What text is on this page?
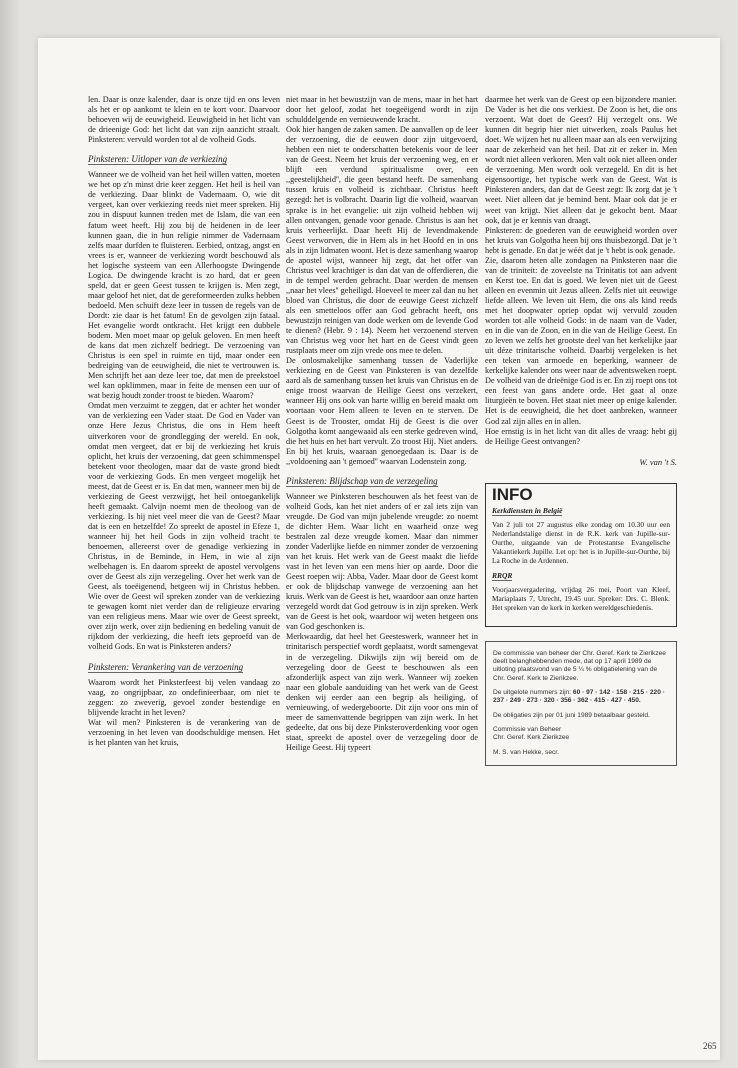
len. Daar is onze kalender, daar is onze tijd en ons leven als het er op aankomt te klein en te kort voor. Daarvoor behoeven wij de eeuwigheid. Eeuwigheid in het licht van de drieenige God: het licht dat van zijn aanzicht straalt. Pinksteren: vervuld worden tot al de volheid Gods.

Pinksteren: Uitloper van de verkiezing

Wanneer we de volheid van het heil willen vatten, moeten we het op z'n minst drie keer zeggen. Het heil is heil van de verkiezing. Daar blinkt de Vadernaam. O, wie dit vergeet, kan over verkiezing reeds niet meer spreken. Hij zou in dispuut kunnen treden met de Islam, die van een fatum weet heeft. Hij zou bij de heidenen in de leer kunnen gaan, die in hun religie nimmer de Vadernaam zelfs maar durfden te fluisteren. Eerbied, ontzag, angst en vrees is er, wanneer de verkiezing wordt beschouwd als het logische systeem van een Allerhoogste Dwingende Logica. De dwingende kracht is zo hard, dat er geen speld, dat er geen Geest tussen te krijgen is. Men zegt, maar geloof het niet, dat de gereformeerden zulks hebben bedoeld. Men schuift deze leer in tussen de regels van de Dordt: zie daar is het fatum! En de gevolgen zijn fataal. Het evangelie wordt ontkracht. Het krijgt een dubbele bodem. Men moet maar op geluk geloven. En men heeft de kans dat men zichzelf bedriegt. De verzoening van Christus is een spel in ruimte en tijd, maar onder een bedreiging van de eeuwigheid, die niet te vertrouwen is. Men schrijft het aan deze leer toe, dat men de preekstoel wel kan opklimmen, maar in feite de mensen een uur of wat bezig houdt zonder troost te bieden. Waarom?

Omdat men verzuimt te zeggen, dat er achter het wonder van de verkiezing een Vader staat. De God en Vader van onze Here Jezus Christus, die ons in Hem heeft uitverkoren voor de grondlegging der wereld. En ook, omdat men vergeet, dat er bij de verkiezing het kruis oplicht, het kruis der verzoening, dat geen schimmenspel betekent voor theologen, maar dat de vaste grond biedt voor de verkiezing Gods. En men vergeet mogelijk het meest, dat de Geest er is. En dat men, wanneer men bij de verkiezing de Geest verzwijgt, het heil ontoegankelijk heeft gemaakt. Calvijn noemt men de theoloog van de verkiezing. Is hij niet veel meer die van de Geest? Maar dat is een en hetzelfde! Zo spreekt de apostel in Efeze 1, wanneer hij het heil Gods in zijn volheid tracht te benoemen, allereerst over de genadige verkiezing in Christus, in de Beminde, in Hem, in wie al zijn welbehagen is. En daarom spreekt de apostel vervolgens over de Geest als zijn verzegeling. Over het werk van de Geest, als toeëigenend, hetgeen wij in Christus hebben. Wie over de Geest wil spreken zonder van de verkiezing te gewagen komt niet verder dan de religieuze ervaring van een religieus mens. Maar wie over de Geest spreekt, over zijn werk, over zijn bediening en bedeling vanuit de rijkdom der verkiezing, die heeft iets geproefd van de volheid Gods. En wat is Pinksteren anders?

Pinksteren: Verankering van de verzoening

Waarom wordt het Pinksterfeest bij velen vandaag zo vaag, zo ongrijpbaar, zo ondefinieerbaar, om niet te zeggen: zo zweverig, gevoel zonder bestendige en blijvende kracht in het leven?

Wat wil men? Pinksteren is de verankering van de verzoening in het leven van doodschuldige mensen. Het is het planten van het kruis,

niet maar in het bewustzijn van de mens, maar in het hart door het geloof, zodat het toegeëigend wordt in zijn schulddelgende en vernieuwende kracht.

Ook hier hangen de zaken samen. De aanvallen op de leer der verzoening, die de eeuwen door zijn uitgevoerd, hebben een niet te onderschatten betekenis voor de leer van de Geest. Neem het kruis der verzoening weg, en er blijft een verdund spiritualisme over, een ,,geestelijkheid'', die geen bestand heeft. De samenhang tussen kruis en volheid is zichtbaar. Christus heeft gezegd: het is volbracht. Daarin ligt die volheid, waarvan sprake is in het evangelie: uit zijn volheid hebben wij allen ontvangen, genade voor genade. Christus is aan het kruis verheerlijkt. Daar heeft Hij de levendmakende Geest verworven, die in Hem als in het Hoofd en in ons als in zijn lidmaten woont. Het is deze samenhang waarop de apostel wijst, wanneer hij zegt, dat het offer van Christus veel krachtiger is dan dat van de offerdieren, die in de tempel werden gebracht. Daar werden de mensen ,,naar het vlees'' geheiligd. Hoeveel te meer zal dan nu het bloed van Christus, die door de eeuwige Geest zichzelf als een smetteloos offer aan God gebracht heeft, ons bewustzijn reinigen van dode werken om de levende God te dienen? (Hebr. 9 : 14). Neem het verzoenend sterven van Christus weg voor het hart en de Geest vindt geen rustplaats meer om zijn vrede ons mee te delen.

De onlosmakelijke samenhang tussen de Vaderlijke verkiezing en de Geest van Pinksteren is van dezelfde aard als de samenhang tussen het kruis van Christus en de enige troost waarvan de Heilige Geest ons verzekert, wanneer Hij ons ook van harte willig en bereid maakt om voortaan voor Hem alleen te leven en te sterven. De Geest is de Trooster, omdat Hij de Geest is die over Golgotha komt aangewaaid als een sterke gedreven wind, die het huis en het hart vervult. Zo troost Hij. Niet anders. En bij het kruis, waaraan genoegedaan is. Daar is de ,,voldoening aan 't gemoed'' waarvan Lodenstein zong.

Pinksteren: Blijdschap van de verzegeling

Wanneer we Pinksteren beschouwen als het feest van de volheid Gods, kan het niet anders of er zal iets zijn van vreugde. De God van mijn jubelende vreugde: zo noemt de dichter Hem. Waar licht en waarheid onze weg bestralen zal deze vreugde komen. Maar dan nimmer zonder Vaderlijke liefde en nimmer zonder de verzoening van het kruis. Het werk van de Geest maakt die liefde vast in het leven van een mens hier op aarde. Door die Geest roepen wij: Abba, Vader. Maar door de Geest komt er ook de blijdschap vanwege de verzoening aan het kruis. Werk van de Geest is het, waardoor aan onze harten verzegeld wordt dat God getrouw is in zijn spreken. Werk van de Geest is het ook, waardoor wij weten hetgeen ons van God geschonken is.

Merkwaardig, dat heel het Geesteswerk, wanneer het in trinitarisch perspectief wordt geplaatst, wordt samengevat in de verzegeling. Dikwijls zijn wij bereid om de verzegeling door de Geest te beschouwen als een afzonderlijk aspect van zijn werk. Wanneer wij zoeken naar een globale aanduiding van het werk van de Geest denken wij eerder aan een begrip als heiliging, of vernieuwing, of wedergeboorte. Dit zijn voor ons min of meer de samenvattende begrippen van zijn werk. In het gedeelte, dat ons bij deze Pinksteroverdenking voor ogen staat, spreekt de apostel over de verzegeling door de Heilige Geest. Hij typeert

daarmee het werk van de Geest op een bijzondere manier. De Vader is het die ons verkiest. De Zoon is het, die ons verzoent. Wat doet de Geest? Hij verzegelt ons. We kunnen dit begrip hier niet uitwerken, zoals Paulus het doet. We wijzen het nu alleen maar aan als een verwijzing naar de zekerheid van het heil. Dat zit er zeker in. Men wordt niet alleen verkoren. Men valt ook niet alleen onder de verzoening. Men wordt ook verzegeld. En dit is het eigensoortige, het typische werk van de Geest. Wat is Pinksteren anders, dan dat de Geest zegt: Ik zorg dat je 't weet. Niet alleen dat je bemind bent. Maar ook dat je er weet van krijgt. Niet alleen dat je gekocht bent. Maar ook, dat je er kennis van draagt.

Pinksteren: de goederen van de eeuwigheid worden over het kruis van Golgotha heen bij ons thuisbezorgd. Dat je 't hebt is genade. En dat je wéét dat je 't hebt is ook genade.

Zie, daarom heten alle zondagen na Pinksteren naar die van de triniteit: de zoveelste na Trinitatis tot aan advent en Kerst toe. En dat is goed. We leven niet uit de Geest alleen en evenmin uit Jezus alleen. Zelfs niet uit eeuwige liefde alleen. We leven uit Hem, die ons als kind reeds met het doopwater opriep opdat wij vervuld zouden worden tot alle volheid Gods: in de naam van de Vader, en in die van de Zoon, en in die van de Heilige Geest. En zo leven we zelfs het grootste deel van het kerkelijke jaar uit déze trinitarische volheid. Daarbij vergeleken is het een teken van armoede en beperking, wanneer de kerkelijke kalender ons weer naar de adventsweken roept. De volheid van de drieënige God is er. En zij roept ons tot een feest van gans andere orde. Het gaat al onze liturgieën te boven. Het staat niet meer op enige kalender. Het is de eeuwigheid, die het doet aanbreken, wanneer God zal zijn alles en in allen.

Hoe ernstig is in het licht van dit alles de vraag: hebt gij de Heilige Geest ontvangen?

W. van 't S.
INFO
Kerkdiensten in België
Van 2 juli tot 27 augustus elke zondag om 10.30 uur een Nederlandstalige dienst in de R.K. kerk van Jupille-sur-Ourthe, uitgaande van de Protestantse Evangelische Vakantiekerk Jupille. Let op: het is in Jupille-sur-Ourthe, bij La Roche in de Ardennen.
RRQR
Voorjaarsvergadering, vrijdag 26 mei, Poort van Kleef, Mariaplaats 7, Utrecht, 19.45 uur. Spreker: Drs. C. Blenk. Het spreken van de kerk in kerken wereldgeschiedenis.

De commissie van beheer der Chr. Geref. Kerk te Zierikzee deelt belanghebbenden mede, dat op 17 april 1989 de uitloting plaatsvond van de 5 ¼ % obligatielening van de Chr. Geref. Kerk te Zierikzee.

De uitgelote nummers zijn: 60 · 97 · 142 · 158 · 215 · 220 · 237 · 249 · 273 · 320 · 356 · 362 · 415 · 427 · 450.

De obligaties zijn per 01 juni 1989 betaalbaar gesteld.

Commissie van Beheer
Chr. Geref. Kerk Zierikzee

M. S. van Hekke, secr.

265
